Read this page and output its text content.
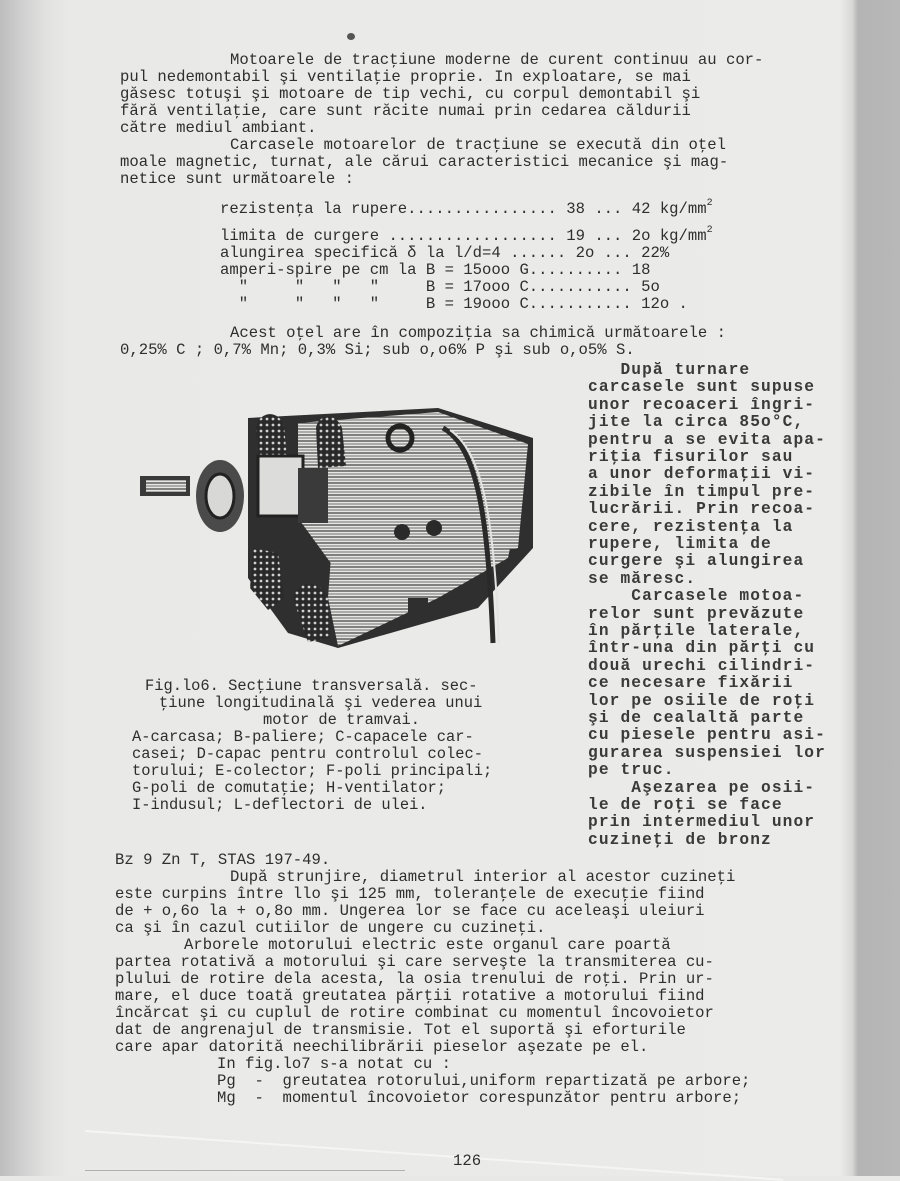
Motoarele de tracţiune moderne de curent continuu au cor-
pul nedemontabil şi ventilaţie proprie. In exploatare, se mai
găsesc totuşi şi motoare de tip vechi, cu corpul demontabil şi
fără ventilaţie, care sunt răcite numai prin cedarea căldurii
către mediul ambiant.
Carcasele motoarelor de tracţiune se execută din oţel
moale magnetic, turnat, ale cărui caracteristici mecanice şi mag-
netice sunt următoarele :
rezistenţa la rupere................ 38 ... 42 $kg/mm^2$
limita de curgere .................. 19 ... 2o $kg/mm^2$
alungirea specifică δ la l/d=4 ...... 2o ... 22%
amperi-spire pe cm la B = 15ooo G.......... 18
"     "   "   "     B = 17ooo C........... 5o
"     "   "   "     B = 19ooo C........... 12o .
Acest oţel are în compoziţia sa chimică următoarele :
0,25% C ; 0,7% Mn; 0,3% Si; sub o,o6% P şi sub o,o5% S.
După turnare
carcasele sunt supuse
unor recoaceri îngri-
jite la circa 85o°C,
pentru a se evita apa-
riţia fisurilor sau
a unor deformaţii vi-
zibile în timpul pre-
lucrării. Prin recoa-
cere, rezistenţa la
rupere, limita de
curgere şi alungirea
se măresc.
Carcasele motoa-
relor sunt prevăzute
în părţile laterale,
într-una din părţi cu
două urechi cilindri-
ce necesare fixării
lor pe osiile de roţi
şi de cealaltă parte
cu piesele pentru asi-
gurarea suspensiei lor
pe truc.
Aşezarea pe osii-
le de roţi se face
prin intermediul unor
cuzineţi de bronz
Fig.lo6. Secţiune transversală. sec-
ţiune longitudinală şi vederea unui
motor de tramvai.
A-carcasa; B-paliere; C-capacele car-
casei; D-capac pentru controlul colec-
torului; E-colector; F-poli principali;
G-poli de comutaţie; H-ventilator;
I-indusul; L-deflectori de ulei.
Bz 9 Zn T, STAS 197-49.
După strunjire, diametrul interior al acestor cuzineţi
este curpins între llo şi 125 mm, toleranţele de execuţie fiind
de + o,6o la + o,8o mm. Ungerea lor se face cu aceleaşi uleiuri
ca şi în cazul cutiilor de ungere cu cuzineţi.
Arborele motorului electric este organul care poartă
partea rotativă a motorului şi care serveşte la transmiterea cu-
plului de rotire dela acesta, la osia trenului de roţi. Prin ur-
mare, el duce toată greutatea părţii rotative a motorului fiind
încărcat şi cu cuplul de rotire combinat cu momentul încovoietor
dat de angrenajul de transmisie. Tot el suportă şi eforturile
care apar datorită neechilibrării pieselor aşezate pe el.
In fig.lo7 s-a notat cu :
Pg - greutatea rotorului,uniform repartizată pe arbore;
Mg - momentul încovoietor corespunzător pentru arbore;
126
